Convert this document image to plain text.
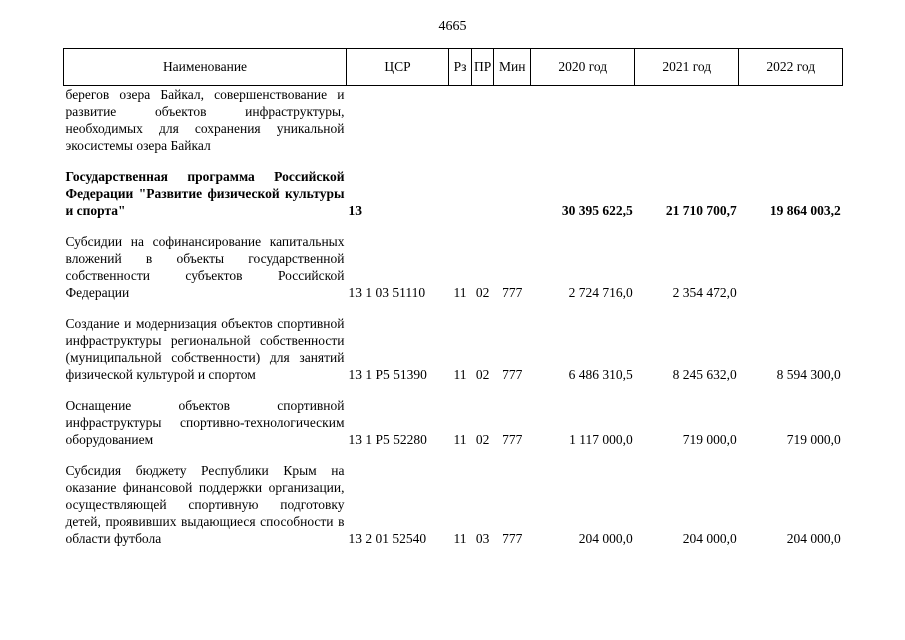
4665
Наименование	ЦСР	Рз	ПР	Мин	2020 год	2021 год	2022 год
берегов озера Байкал, совершенствование и развитие объектов инфраструктуры, необходимых для сохранения уникальной экосистемы озера Байкал							
Государственная программа Российской Федерации "Развитие физической культуры и спорта"	13				30 395 622,5	21 710 700,7	19 864 003,2
Субсидии на софинансирование капитальных вложений в объекты государственной собственности субъектов Российской Федерации	13 1 03 51110	11	02	777	2 724 716,0	2 354 472,0	
Создание и модернизация объектов спортивной инфраструктуры региональной собственности (муниципальной собственности) для занятий физической культурой и спортом	13 1 Р5 51390	11	02	777	6 486 310,5	8 245 632,0	8 594 300,0
Оснащение объектов спортивной инфраструктуры спортивно-технологическим оборудованием	13 1 Р5 52280	11	02	777	1 117 000,0	719 000,0	719 000,0
Субсидия бюджету Республики Крым на оказание финансовой поддержки организации, осуществляющей спортивную подготовку детей, проявивших выдающиеся способности в области футбола	13 2 01 52540	11	03	777	204 000,0	204 000,0	204 000,0
